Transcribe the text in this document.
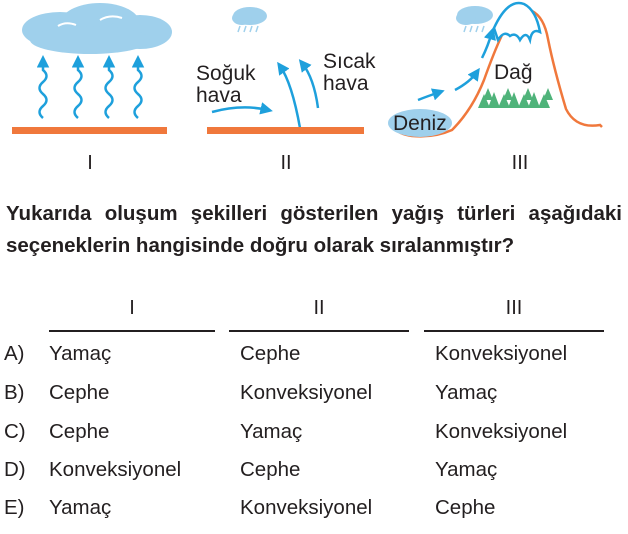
Soğuk
hava
Sıcak
hava
Deniz
Dağ
I	II	III
Yukarıda oluşum şekilleri gösterilen yağış türleri aşağıdaki seçeneklerin hangisinde doğru olarak sıralanmıştır?
I	II	III
A) Yamaç	Cephe	Konveksiyonel
B) Cephe	Konveksiyonel	Yamaç
C) Cephe	Yamaç	Konveksiyonel
D) Konveksiyonel	Cephe	Yamaç
E) Yamaç	Konveksiyonel	Cephe
